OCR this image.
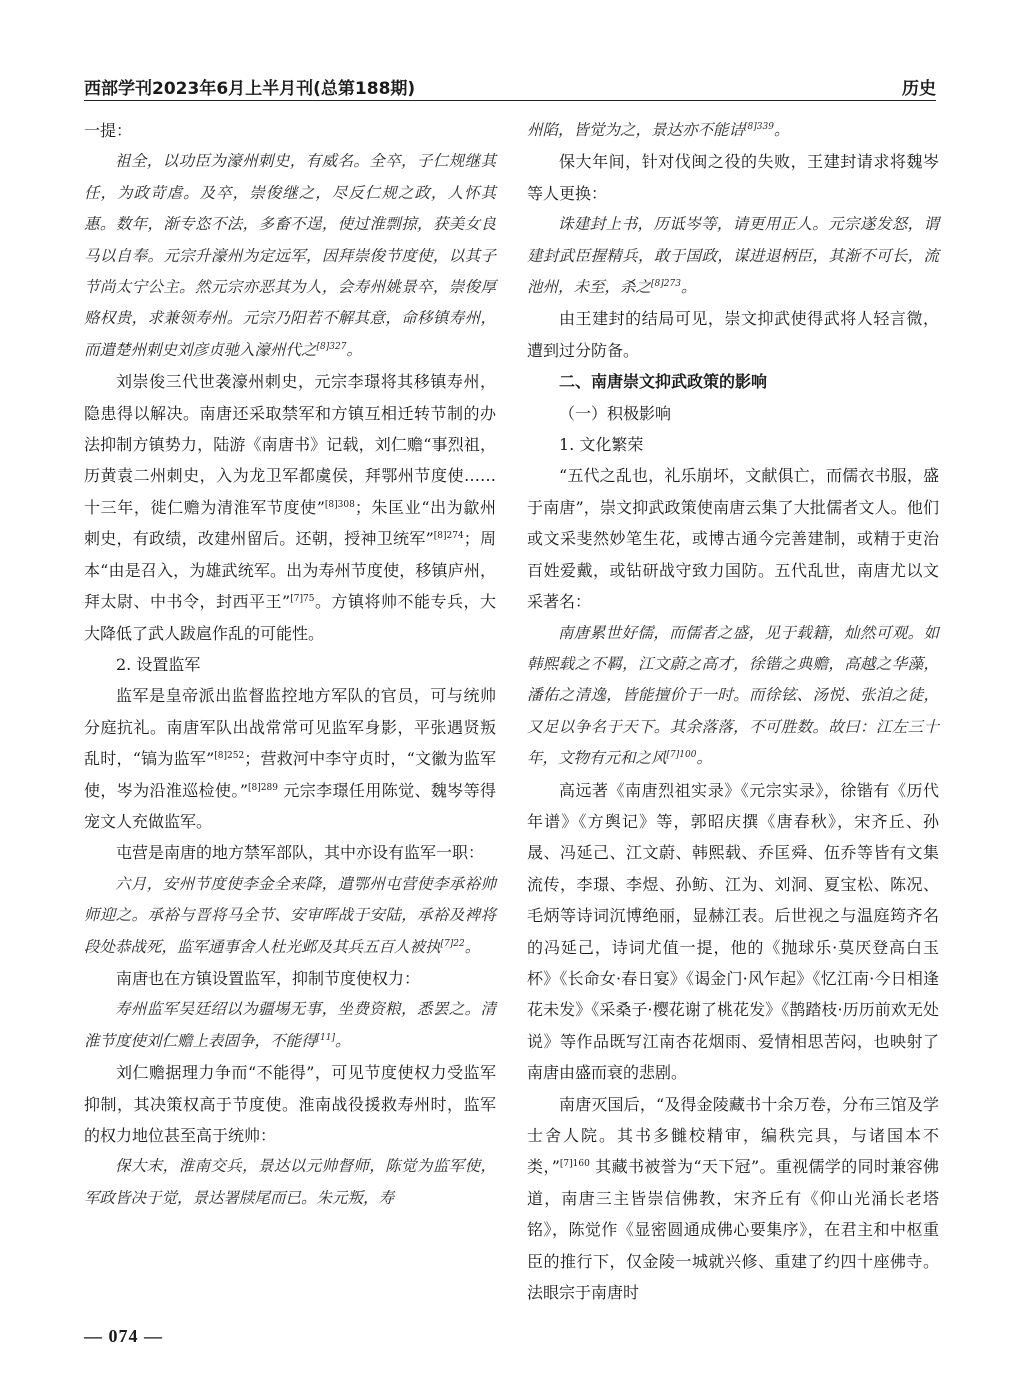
西部学刊2023年6月上半月刊(总第188期)	历史

一提：

祖全，以功臣为濠州刺史，有威名。全卒，子仁规继其任，为政苛虐。及卒，崇俊继之，尽反仁规之政，人怀其惠。数年，渐专恣不法，多畜不逞，使过淮剽掠，获美女良马以自奉。元宗升濠州为定远军，因拜崇俊节度使，以其子节尚太宁公主。然元宗亦恶其为人，会寿州姚景卒，崇俊厚赂权贵，求兼领寿州。元宗乃阳若不解其意，命移镇寿州，而遣楚州刺史刘彦贞驰入濠州代之$^{[8]327}$。

刘崇俊三代世袭濠州刺史，元宗李璟将其移镇寿州，隐患得以解决。南唐还采取禁军和方镇互相迁转节制的办法抑制方镇势力，陆游《南唐书》记载，刘仁赡“事烈祖，历黄袁二州刺史，入为龙卫军都虞侯，拜鄂州节度使……十三年，徙仁赡为清淮军节度使”$^{[8]308}$；朱匡业“出为歙州刺史，有政绩，改建州留后。还朝，授神卫统军”$^{[8]274}$；周本“由是召入，为雄武统军。出为寿州节度使，移镇庐州，拜太尉、中书令，封西平王”$^{[7]75}$。方镇将帅不能专兵，大大降低了武人跋扈作乱的可能性。

2. 设置监军

监军是皇帝派出监督监控地方军队的官员，可与统帅分庭抗礼。南唐军队出战常常可见监军身影，平张遇贤叛乱时，“镐为监军”$^{[8]252}$；营救河中李守贞时，“文徽为监军使，岑为沿淮巡检使。”$^{[8]289}$ 元宗李璟任用陈觉、魏岑等得宠文人充做监军。

屯营是南唐的地方禁军部队，其中亦设有监军一职：

六月，安州节度使李金全来降，遣鄂州屯营使李承裕帅师迎之。承裕与晋将马全节、安审晖战于安陆，承裕及裨将段处恭战死，监军通事舍人杜光邺及其兵五百人被执$^{[7]22}$。

南唐也在方镇设置监军，抑制节度使权力：

寿州监军吴廷绍以为疆埸无事，坐费资粮，悉罢之。清淮节度使刘仁赡上表固争，不能得[11]。

刘仁赡据理力争而“不能得”，可见节度使权力受监军抑制，其决策权高于节度使。淮南战役援救寿州时，监军的权力地位甚至高于统帅：

保大末，淮南交兵，景达以元帅督师，陈觉为监军使，军政皆决于觉，景达署牍尾而已。朱元叛，寿

州陷，皆觉为之，景达亦不能诘$^{[8]339}$。

保大年间，针对伐闽之役的失败，王建封请求将魏岑等人更换：

诛建封上书，历诋岑等，请更用正人。元宗遂发怒，谓建封武臣握精兵，敢于国政，谋进退柄臣，其渐不可长，流池州，未至，杀之$^{[8]273}$。

由王建封的结局可见，崇文抑武使得武将人轻言微，遭到过分防备。

二、南唐崇文抑武政策的影响

（一）积极影响

1. 文化繁荣

“五代之乱也，礼乐崩坏，文献俱亡，而儒衣书服，盛于南唐”，崇文抑武政策使南唐云集了大批儒者文人。他们或文采斐然妙笔生花，或博古通今完善建制，或精于吏治百姓爱戴，或钻研战守致力国防。五代乱世，南唐尤以文采著名：

南唐累世好儒，而儒者之盛，见于载籍，灿然可观。如韩熙载之不羁，江文蔚之高才，徐锴之典赡，高越之华藻，潘佑之清逸，皆能擅价于一时。而徐铉、汤悦、张洎之徒，又足以争名于天下。其余落落，不可胜数。故曰：江左三十年，文物有元和之风$^{[7]100}$。

高远著《南唐烈祖实录》《元宗实录》，徐锴有《历代年谱》《方舆记》等，郭昭庆撰《唐春秋》，宋齐丘、孙晟、冯延己、江文蔚、韩熙载、乔匡舜、伍乔等皆有文集流传，李璟、李煜、孙鲂、江为、刘洞、夏宝松、陈况、毛炳等诗词沉博绝丽，显赫江表。后世视之与温庭筠齐名的冯延己，诗词尤值一提，他的《抛球乐·莫厌登高白玉杯》《长命女·春日宴》《谒金门·风乍起》《忆江南·今日相逢花未发》《采桑子·樱花谢了桃花发》《鹊踏枝·历历前欢无处说》等作品既写江南杏花烟雨、爱情相思苦闷，也映射了南唐由盛而衰的悲剧。

南唐灭国后，“及得金陵藏书十余万卷，分布三馆及学士舍人院。其书多雠校精审，编秩完具，与诸国本不类，”$^{[7]160}$ 其藏书被誉为“天下冠”。重视儒学的同时兼容佛道，南唐三主皆崇信佛教，宋齐丘有《仰山光涌长老塔铭》，陈觉作《显密圆通成佛心要集序》，在君主和中枢重臣的推行下，仅金陵一城就兴修、重建了约四十座佛寺。法眼宗于南唐时

— 074 —
